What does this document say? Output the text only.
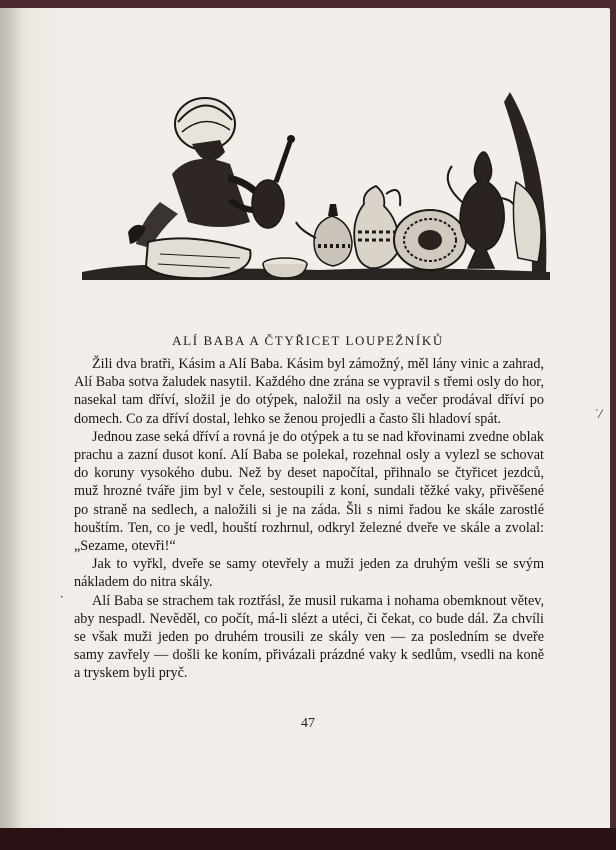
ALÍ BABA A ČTYŘICET LOUPEŽNÍKŮ

Žili dva bratři, Kásim a Alí Baba. Kásim byl zámožný, měl lány vinic a zahrad, Alí Baba sotva žaludek nasytil. Každého dne zrána se vypravil s třemi osly do hor, nasekal tam dříví, složil je do otýpek, naložil na osly a večer prodával dříví po domech. Co za dříví dostal, lehko se ženou projedli a často šli hladoví spát.

Jednou zase seká dříví a rovná je do otýpek a tu se nad křovinami zvedne oblak prachu a zazní dusot koní. Alí Baba se polekal, rozehnal osly a vylezl se schovat do koruny vysokého dubu. Než by deset napočítal, přihnalo se čtyřicet jezdců, muž hrozné tváře jim byl v čele, sestoupili z koní, sundali těžké vaky, přivěšené po straně na sedlech, a naložili si je na záda. Šli s nimi řadou ke skále zarostlé houštím. Ten, co je vedl, houští rozhrnul, odkryl železné dveře ve skále a zvolal: „Sezame, otevři!“

Jak to vyřkl, dveře se samy otevřely a muži jeden za druhým vešli se svým nákladem do nitra skály.

Alí Baba se strachem tak roztřásl, že musil rukama i nohama obemknout větev, aby nespadl. Nevěděl, co počít, má-li slézt a utéci, či čekat, co bude dál. Za chvíli se však muži jeden po druhém trousili ze skály ven — za posledním se dveře samy zavřely — došli ke koním, přivázali prázdné vaky k sedlům, vsedli na koně a tryskem byli pryč.

˙⁄
·
47
